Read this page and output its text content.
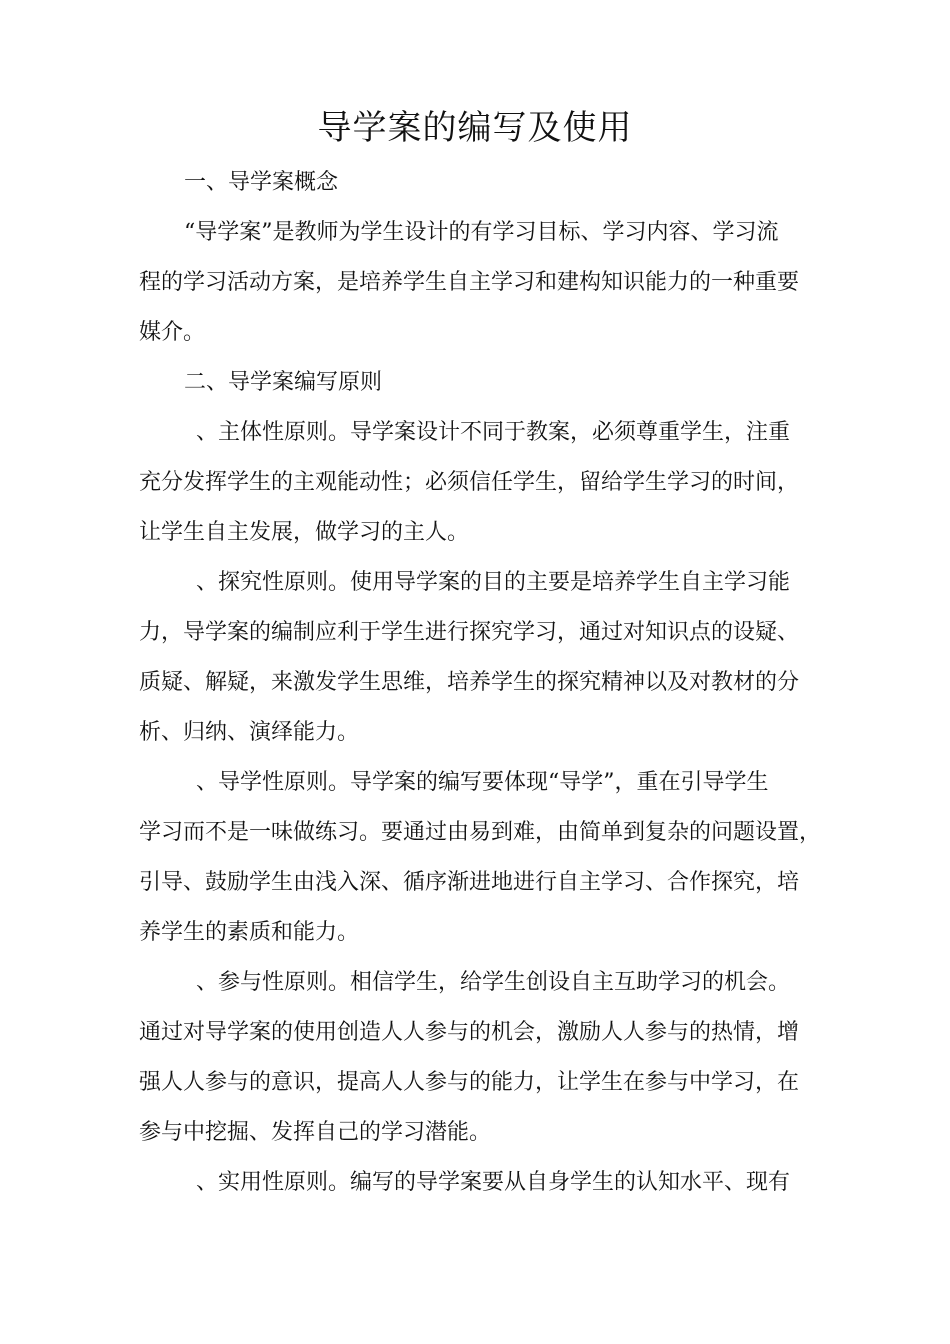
导学案的编写及使用

一、导学案概念

“导学案”是教师为学生设计的有学习目标、学习内容、学习流

程的学习活动方案，是培养学生自主学习和建构知识能力的一种重要

媒介。

二、导学案编写原则

、主体性原则。导学案设计不同于教案，必须尊重学生，注重

充分发挥学生的主观能动性；必须信任学生，留给学生学习的时间，

让学生自主发展，做学习的主人。

、探究性原则。使用导学案的目的主要是培养学生自主学习能

力，导学案的编制应利于学生进行探究学习，通过对知识点的设疑、

质疑、解疑，来激发学生思维，培养学生的探究精神以及对教材的分

析、归纳、演绎能力。

、导学性原则。导学案的编写要体现“导学”，重在引导学生

学习而不是一味做练习。要通过由易到难，由简单到复杂的问题设置，

引导、鼓励学生由浅入深、循序渐进地进行自主学习、合作探究，培

养学生的素质和能力。

、参与性原则。相信学生，给学生创设自主互助学习的机会。

通过对导学案的使用创造人人参与的机会，激励人人参与的热情，增

强人人参与的意识，提高人人参与的能力，让学生在参与中学习，在

参与中挖掘、发挥自己的学习潜能。

、实用性原则。编写的导学案要从自身学生的认知水平、现有
